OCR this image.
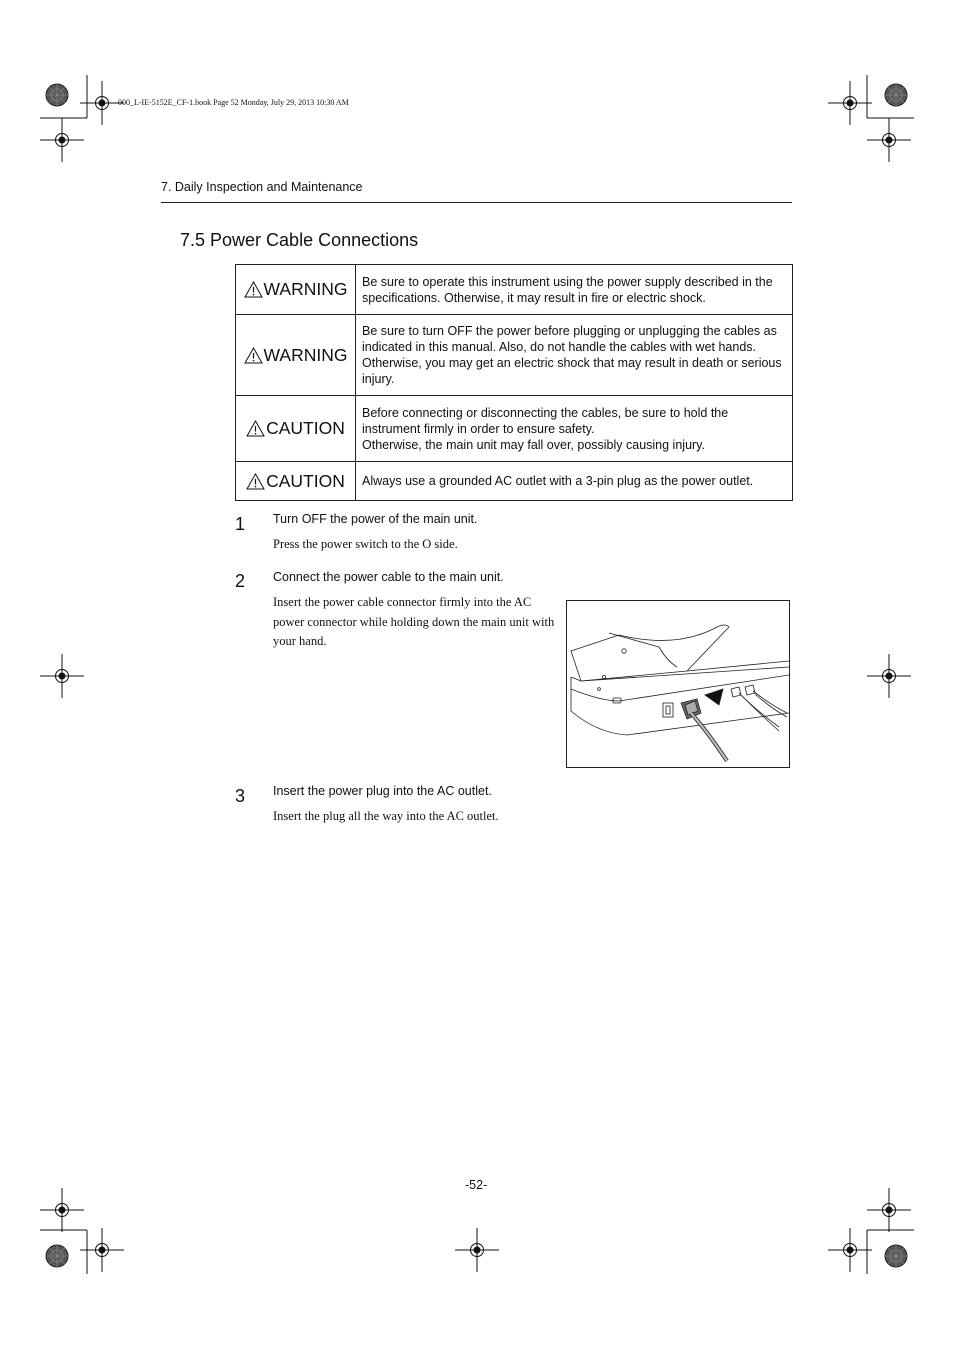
000_L-IE-5152E_CF-1.book Page 52 Monday, July 29, 2013 10:30 AM
7. Daily Inspection and Maintenance
7.5 Power Cable Connections
WARNING	Be sure to operate this instrument using the power supply described in the specifications. Otherwise, it may result in fire or electric shock.

WARNING	Be sure to turn OFF the power before plugging or unplugging the cables as indicated in this manual. Also, do not handle the cables with wet hands. Otherwise, you may get an electric shock that may result in death or serious injury.

CAUTION	Before connecting or disconnecting the cables, be sure to hold the instrument firmly in order to ensure safety.
Otherwise, the main unit may fall over, possibly causing injury.

CAUTION	Always use a grounded AC outlet with a 3-pin plug as the power outlet.
1 Turn OFF the power of the main unit.
Press the power switch to the O side.
2 Connect the power cable to the main unit.
Insert the power cable connector firmly into the AC power connector while holding down the main unit with your hand.
3 Insert the power plug into the AC outlet.
Insert the plug all the way into the AC outlet.
-52-
